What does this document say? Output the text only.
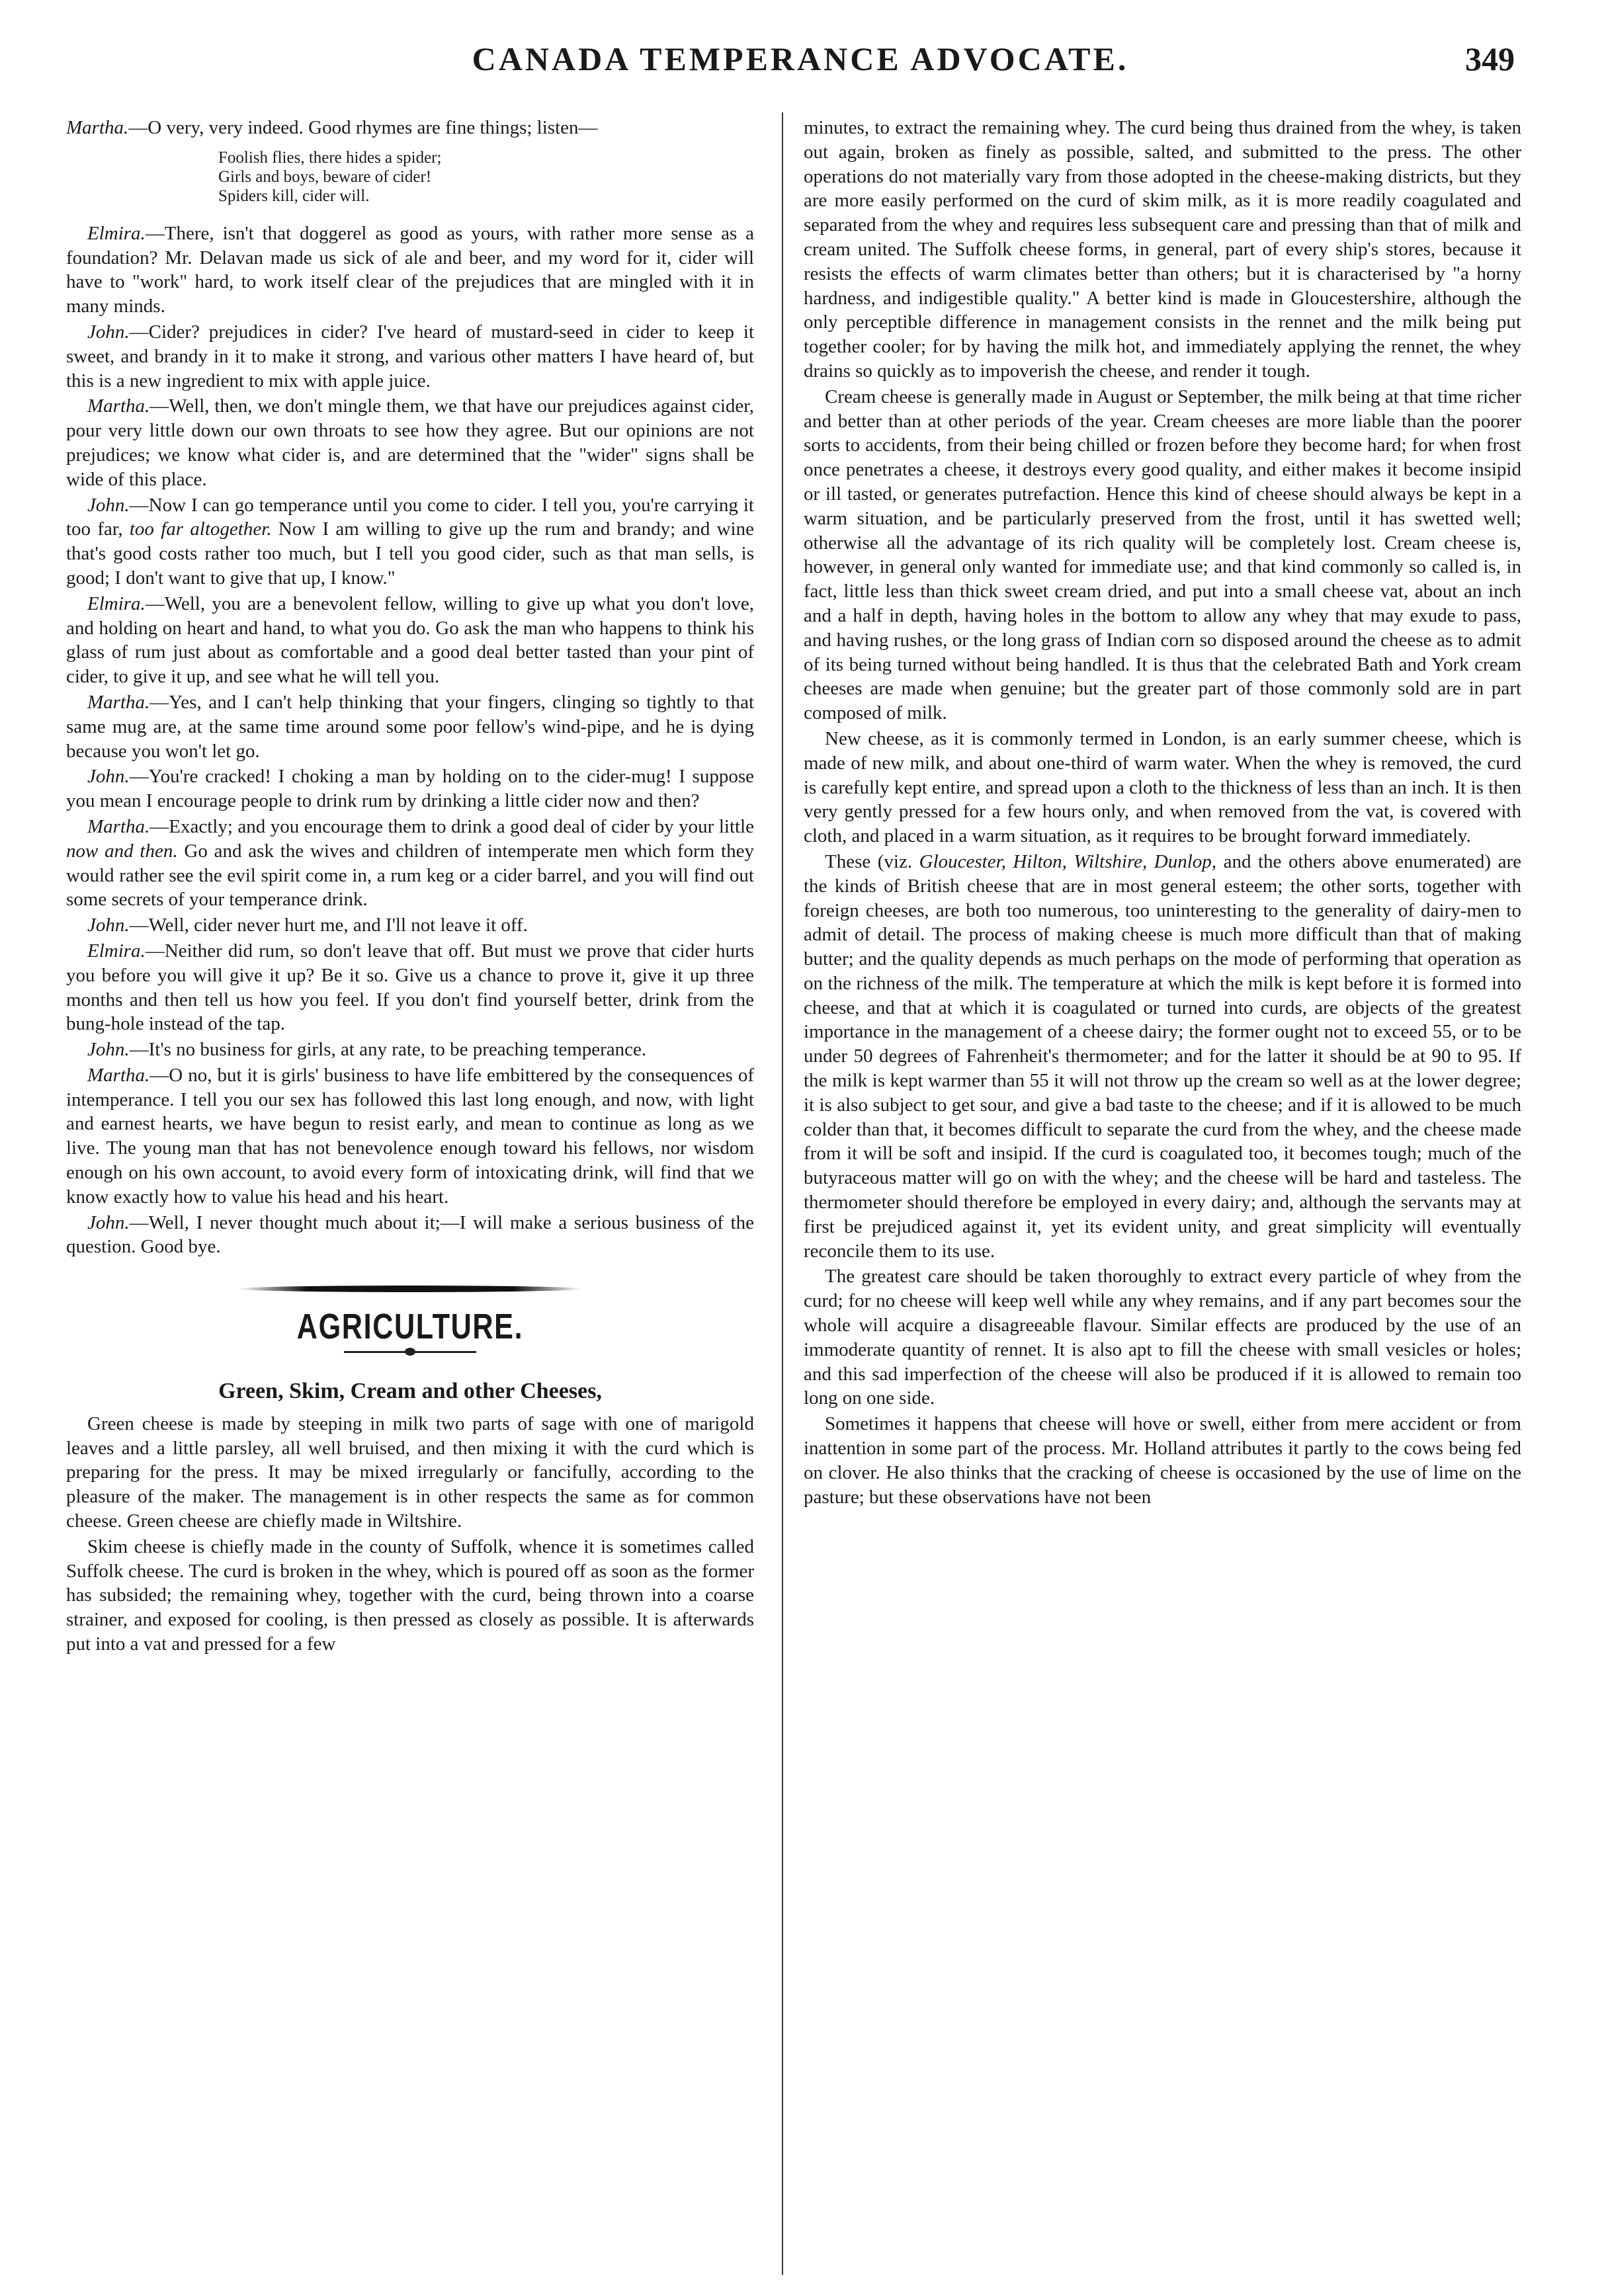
CANADA TEMPERANCE ADVOCATE.	349

Martha.—O very, very indeed. Good rhymes are fine things; listen—

Foolish flies, there hides a spider;
Girls and boys, beware of cider!
Spiders kill, cider will.

Elmira.—There, isn't that doggerel as good as yours, with rather more sense as a foundation? Mr. Delavan made us sick of ale and beer, and my word for it, cider will have to "work" hard, to work itself clear of the prejudices that are mingled with it in many minds.

John.—Cider? prejudices in cider? I've heard of mustard-seed in cider to keep it sweet, and brandy in it to make it strong, and various other matters I have heard of, but this is a new ingredient to mix with apple juice.

Martha.—Well, then, we don't mingle them, we that have our prejudices against cider, pour very little down our own throats to see how they agree. But our opinions are not prejudices; we know what cider is, and are determined that the "wider" signs shall be wide of this place.

John.—Now I can go temperance until you come to cider. I tell you, you're carrying it too far, too far altogether. Now I am willing to give up the rum and brandy; and wine that's good costs rather too much, but I tell you good cider, such as that man sells, is good; I don't want to give that up, I know."

Elmira.—Well, you are a benevolent fellow, willing to give up what you don't love, and holding on heart and hand, to what you do. Go ask the man who happens to think his glass of rum just about as comfortable and a good deal better tasted than your pint of cider, to give it up, and see what he will tell you.

Martha.—Yes, and I can't help thinking that your fingers, clinging so tightly to that same mug are, at the same time around some poor fellow's wind-pipe, and he is dying because you won't let go.

John.—You're cracked! I choking a man by holding on to the cider-mug! I suppose you mean I encourage people to drink rum by drinking a little cider now and then?

Martha.—Exactly; and you encourage them to drink a good deal of cider by your little now and then. Go and ask the wives and children of intemperate men which form they would rather see the evil spirit come in, a rum keg or a cider barrel, and you will find out some secrets of your temperance drink.

John.—Well, cider never hurt me, and I'll not leave it off.

Elmira.—Neither did rum, so don't leave that off. But must we prove that cider hurts you before you will give it up? Be it so. Give us a chance to prove it, give it up three months and then tell us how you feel. If you don't find yourself better, drink from the bung-hole instead of the tap.

John.—It's no business for girls, at any rate, to be preaching temperance.

Martha.—O no, but it is girls' business to have life embittered by the consequences of intemperance. I tell you our sex has followed this last long enough, and now, with light and earnest hearts, we have begun to resist early, and mean to continue as long as we live. The young man that has not benevolence enough toward his fellows, nor wisdom enough on his own account, to avoid every form of intoxicating drink, will find that we know exactly how to value his head and his heart.

John.—Well, I never thought much about it;—I will make a serious business of the question. Good bye.

AGRICULTURE.
Green, Skim, Cream and other Cheeses,

Green cheese is made by steeping in milk two parts of sage with one of marigold leaves and a little parsley, all well bruised, and then mixing it with the curd which is preparing for the press. It may be mixed irregularly or fancifully, according to the pleasure of the maker. The management is in other respects the same as for common cheese. Green cheese are chiefly made in Wiltshire.

Skim cheese is chiefly made in the county of Suffolk, whence it is sometimes called Suffolk cheese. The curd is broken in the whey, which is poured off as soon as the former has subsided; the remaining whey, together with the curd, being thrown into a coarse strainer, and exposed for cooling, is then pressed as closely as possible. It is afterwards put into a vat and pressed for a few

minutes, to extract the remaining whey. The curd being thus drained from the whey, is taken out again, broken as finely as possible, salted, and submitted to the press. The other operations do not materially vary from those adopted in the cheese-making districts, but they are more easily performed on the curd of skim milk, as it is more readily coagulated and separated from the whey and requires less subsequent care and pressing than that of milk and cream united. The Suffolk cheese forms, in general, part of every ship's stores, because it resists the effects of warm climates better than others; but it is characterised by "a horny hardness, and indigestible quality." A better kind is made in Gloucestershire, although the only perceptible difference in management consists in the rennet and the milk being put together cooler; for by having the milk hot, and immediately applying the rennet, the whey drains so quickly as to impoverish the cheese, and render it tough.

Cream cheese is generally made in August or September, the milk being at that time richer and better than at other periods of the year. Cream cheeses are more liable than the poorer sorts to accidents, from their being chilled or frozen before they become hard; for when frost once penetrates a cheese, it destroys every good quality, and either makes it become insipid or ill tasted, or generates putrefaction. Hence this kind of cheese should always be kept in a warm situation, and be particularly preserved from the frost, until it has swetted well; otherwise all the advantage of its rich quality will be completely lost. Cream cheese is, however, in general only wanted for immediate use; and that kind commonly so called is, in fact, little less than thick sweet cream dried, and put into a small cheese vat, about an inch and a half in depth, having holes in the bottom to allow any whey that may exude to pass, and having rushes, or the long grass of Indian corn so disposed around the cheese as to admit of its being turned without being handled. It is thus that the celebrated Bath and York cream cheeses are made when genuine; but the greater part of those commonly sold are in part composed of milk.

New cheese, as it is commonly termed in London, is an early summer cheese, which is made of new milk, and about one-third of warm water. When the whey is removed, the curd is carefully kept entire, and spread upon a cloth to the thickness of less than an inch. It is then very gently pressed for a few hours only, and when removed from the vat, is covered with cloth, and placed in a warm situation, as it requires to be brought forward immediately.

These (viz. Gloucester, Hilton, Wiltshire, Dunlop, and the others above enumerated) are the kinds of British cheese that are in most general esteem; the other sorts, together with foreign cheeses, are both too numerous, too uninteresting to the generality of dairy-men to admit of detail. The process of making cheese is much more difficult than that of making butter; and the quality depends as much perhaps on the mode of performing that operation as on the richness of the milk. The temperature at which the milk is kept before it is formed into cheese, and that at which it is coagulated or turned into curds, are objects of the greatest importance in the management of a cheese dairy; the former ought not to exceed 55, or to be under 50 degrees of Fahrenheit's thermometer; and for the latter it should be at 90 to 95. If the milk is kept warmer than 55 it will not throw up the cream so well as at the lower degree; it is also subject to get sour, and give a bad taste to the cheese; and if it is allowed to be much colder than that, it becomes difficult to separate the curd from the whey, and the cheese made from it will be soft and insipid. If the curd is coagulated too, it becomes tough; much of the butyraceous matter will go on with the whey; and the cheese will be hard and tasteless. The thermometer should therefore be employed in every dairy; and, although the servants may at first be prejudiced against it, yet its evident unity, and great simplicity will eventually reconcile them to its use.

The greatest care should be taken thoroughly to extract every particle of whey from the curd; for no cheese will keep well while any whey remains, and if any part becomes sour the whole will acquire a disagreeable flavour. Similar effects are produced by the use of an immoderate quantity of rennet. It is also apt to fill the cheese with small vesicles or holes; and this sad imperfection of the cheese will also be produced if it is allowed to remain too long on one side.

Sometimes it happens that cheese will hove or swell, either from mere accident or from inattention in some part of the process. Mr. Holland attributes it partly to the cows being fed on clover. He also thinks that the cracking of cheese is occasioned by the use of lime on the pasture; but these observations have not been
